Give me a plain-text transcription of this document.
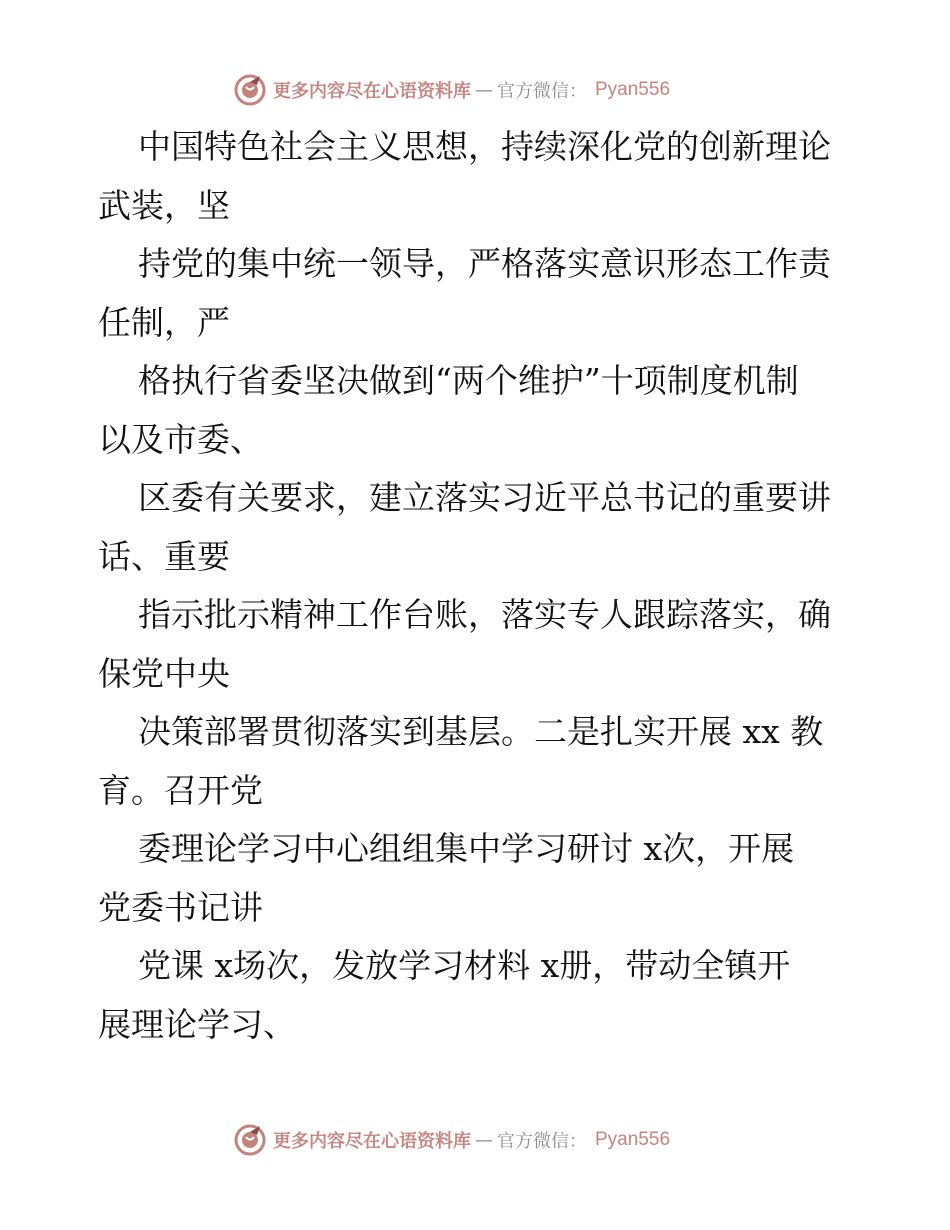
更多内容尽在心语资料库 — 官方微信： Pyan556
中国特色社会主义思想，持续深化党的创新理论
武装，坚
持党的集中统一领导，严格落实意识形态工作责
任制，严
格执行省委坚决做到“两个维护”十项制度机制
以及市委、
区委有关要求，建立落实习近平总书记的重要讲
话、重要
指示批示精神工作台账，落实专人跟踪落实，确
保党中央
决策部署贯彻落实到基层。二是扎实开展 xx 教
育。召开党
委理论学习中心组组集中学习研讨 x次，开展
党委书记讲
党课 x场次，发放学习材料 x册，带动全镇开
展理论学习、
更多内容尽在心语资料库 — 官方微信： Pyan556
